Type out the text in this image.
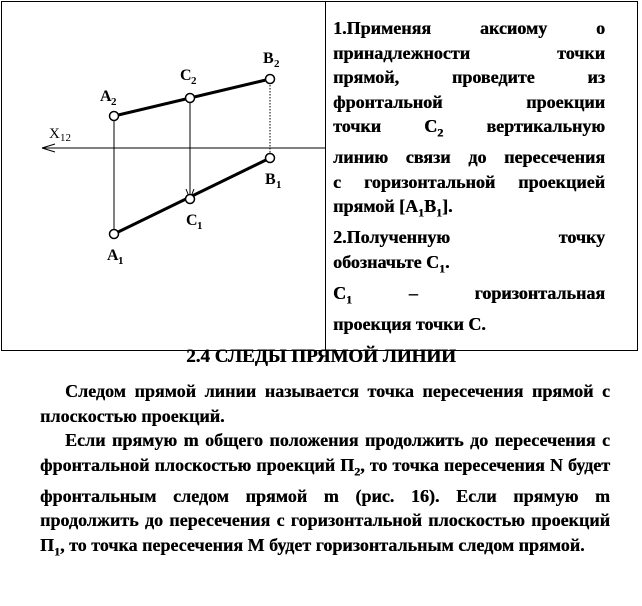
X 12
A 2
C 2
B 2
B 1
C 1
A 1
1.Применяя	аксиому	о
принадлежности точки
прямой, проведите из
фронтальной проекции
точки $С_2$ вертикальную
линию связи до пересечения
с горизонтальной проекцией
прямой $[А_1В_1]$.
2.Полученную точку
обозначьте $С_1$.
$С_1$	– горизонтальная
проекция точки С.
2.4 СЛЕДЫ ПРЯМОЙ ЛИНИИ

Следом прямой линии называется точка пересечения прямой с плоскостью проекций.

Если прямую m общего положения продолжить до пересечения с фронтальной плоскостью проекций $П_2$, то точка пересечения N будет фронтальным следом прямой m (рис. 16). Если прямую m продолжить до пересечения с горизонтальной плоскостью проекций $П_1$, то точка пересечения M будет горизонтальным следом прямой.
